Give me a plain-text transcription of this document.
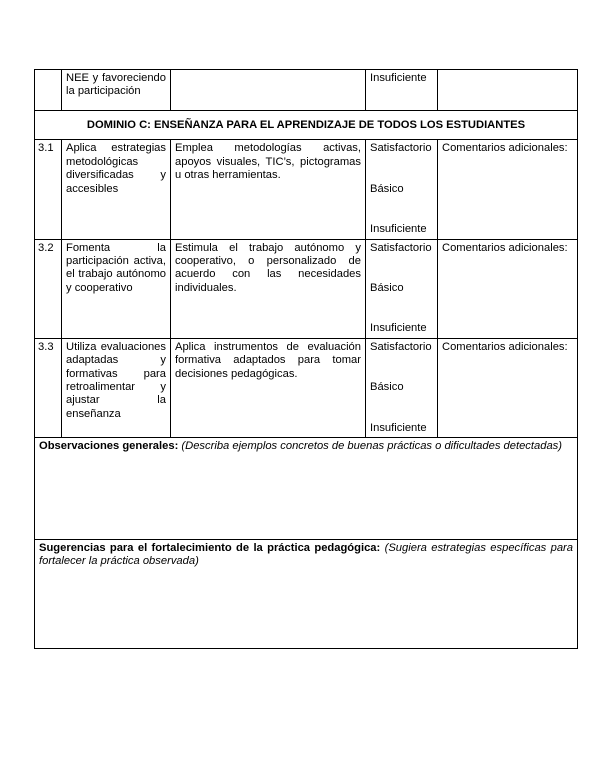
	NEE y favoreciendo la participación		Insuficiente	
DOMINIO C: ENSEÑANZA PARA EL APRENDIZAJE DE TODOS LOS ESTUDIANTES				
3.1	Aplica estrategias metodológicas diversificadas y accesibles	Emplea metodologías activas, apoyos visuales, TIC’s, pictogramas u otras herramientas.	Satisfactorio
Básico
Insuficiente	Comentarios adicionales:
3.2	Fomenta la participación activa, el trabajo autónomo y cooperativo	Estimula el trabajo autónomo y cooperativo, o personalizado de acuerdo con las necesidades individuales.	Satisfactorio
Básico
Insuficiente	Comentarios adicionales:
3.3	Utiliza evaluaciones adaptadas y formativas para retroalimentar y ajustar la enseñanza	Aplica instrumentos de evaluación formativa adaptados para tomar decisiones pedagógicas.	Satisfactorio
Básico
Insuficiente	Comentarios adicionales:
Observaciones generales: (Describa ejemplos concretos de buenas prácticas o dificultades detectadas)				
Sugerencias para el fortalecimiento de la práctica pedagógica: (Sugiera estrategias específicas para fortalecer la práctica observada)				
